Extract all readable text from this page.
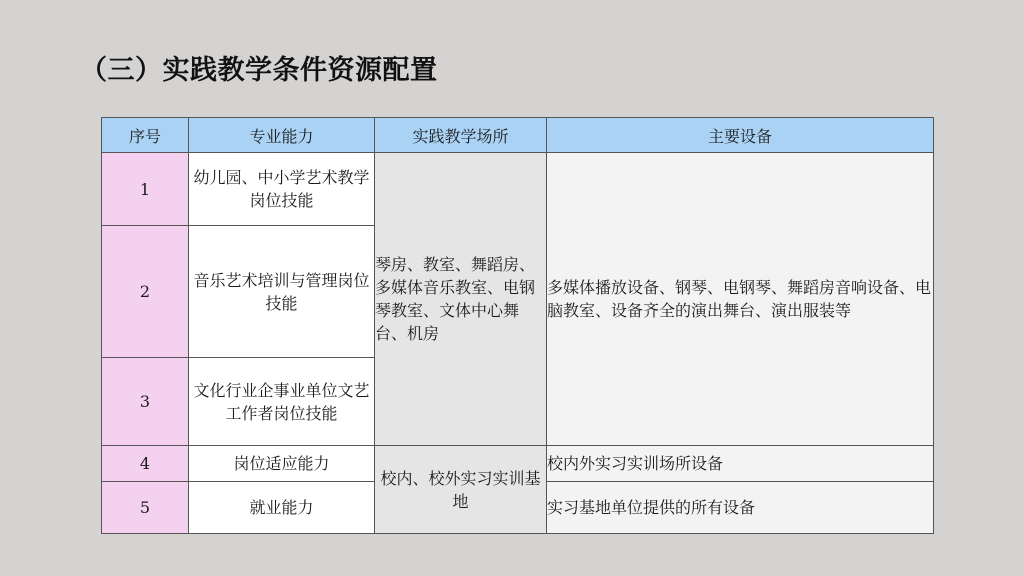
（三）实践教学条件资源配置
序号	专业能力	实践教学场所	主要设备
1	幼儿园、中小学艺术教学岗位技能	琴房、教室、舞蹈房、多媒体音乐教室、电钢琴教室、文体中心舞台、机房	多媒体播放设备、钢琴、电钢琴、舞蹈房音响设备、电脑教室、设备齐全的演出舞台、演出服装等
2	音乐艺术培训与管理岗位技能		
3	文化行业企事业单位文艺工作者岗位技能		
4	岗位适应能力	校内、校外实习实训基地	校内外实习实训场所设备
5	就业能力		实习基地单位提供的所有设备
